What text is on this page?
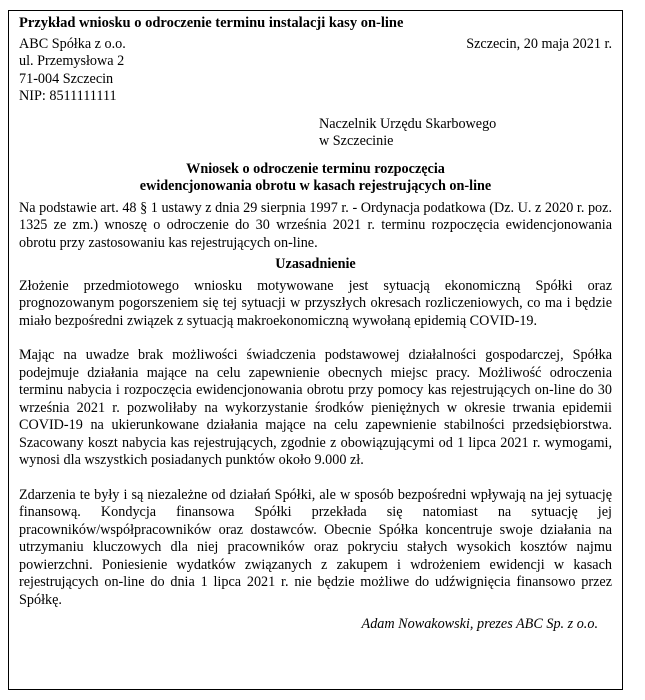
Przykład wniosku o odroczenie terminu instalacji kasy on-line
ABC Spółka z o.o.
ul. Przemysłowa 2
71-004 Szczecin
NIP: 8511111111
Szczecin, 20 maja 2021 r.
Naczelnik Urzędu Skarbowego
w Szczecinie
Wniosek o odroczenie terminu rozpoczęcia
ewidencjonowania obrotu w kasach rejestrujących on-line

Na podstawie art. 48 § 1 ustawy z dnia 29 sierpnia 1997 r. - Ordynacja podatkowa (Dz. U. z 2020 r. poz. 1325 ze zm.) wnoszę o odroczenie do 30 września 2021 r. terminu rozpoczęcia ewidencjonowania obrotu przy zastosowaniu kas rejestrujących on-line.

Uzasadnienie

Złożenie przedmiotowego wniosku motywowane jest sytuacją ekonomiczną Spółki oraz prognozowanym pogorszeniem się tej sytuacji w przyszłych okresach rozliczeniowych, co ma i będzie miało bezpośredni związek z sytuacją makroekonomiczną wywołaną epidemią COVID-19.

Mając na uwadze brak możliwości świadczenia podstawowej działalności gospodarczej, Spółka podejmuje działania mające na celu zapewnienie obecnych miejsc pracy. Możliwość odroczenia terminu nabycia i rozpoczęcia ewidencjonowania obrotu przy pomocy kas rejestrujących on-line do 30 września 2021 r. pozwoliłaby na wykorzystanie środków pieniężnych w okresie trwania epidemii COVID-19 na ukierunkowane działania mające na celu zapewnienie stabilności przedsiębiorstwa. Szacowany koszt nabycia kas rejestrujących, zgodnie z obowiązującymi od 1 lipca 2021 r. wymogami, wynosi dla wszystkich posiadanych punktów około 9.000 zł.

Zdarzenia te były i są niezależne od działań Spółki, ale w sposób bezpośredni wpływają na jej sytuację finansową. Kondycja finansowa Spółki przekłada się natomiast na sytuację jej pracowników/współpracowników oraz dostawców. Obecnie Spółka koncentruje swoje działania na utrzymaniu kluczowych dla niej pracowników oraz pokryciu stałych wysokich kosztów najmu powierzchni. Poniesienie wydatków związanych z zakupem i wdrożeniem ewidencji w kasach rejestrujących on-line do dnia 1 lipca 2021 r. nie będzie możliwe do udźwignięcia finansowo przez Spółkę.

Adam Nowakowski, prezes ABC Sp. z o.o.
